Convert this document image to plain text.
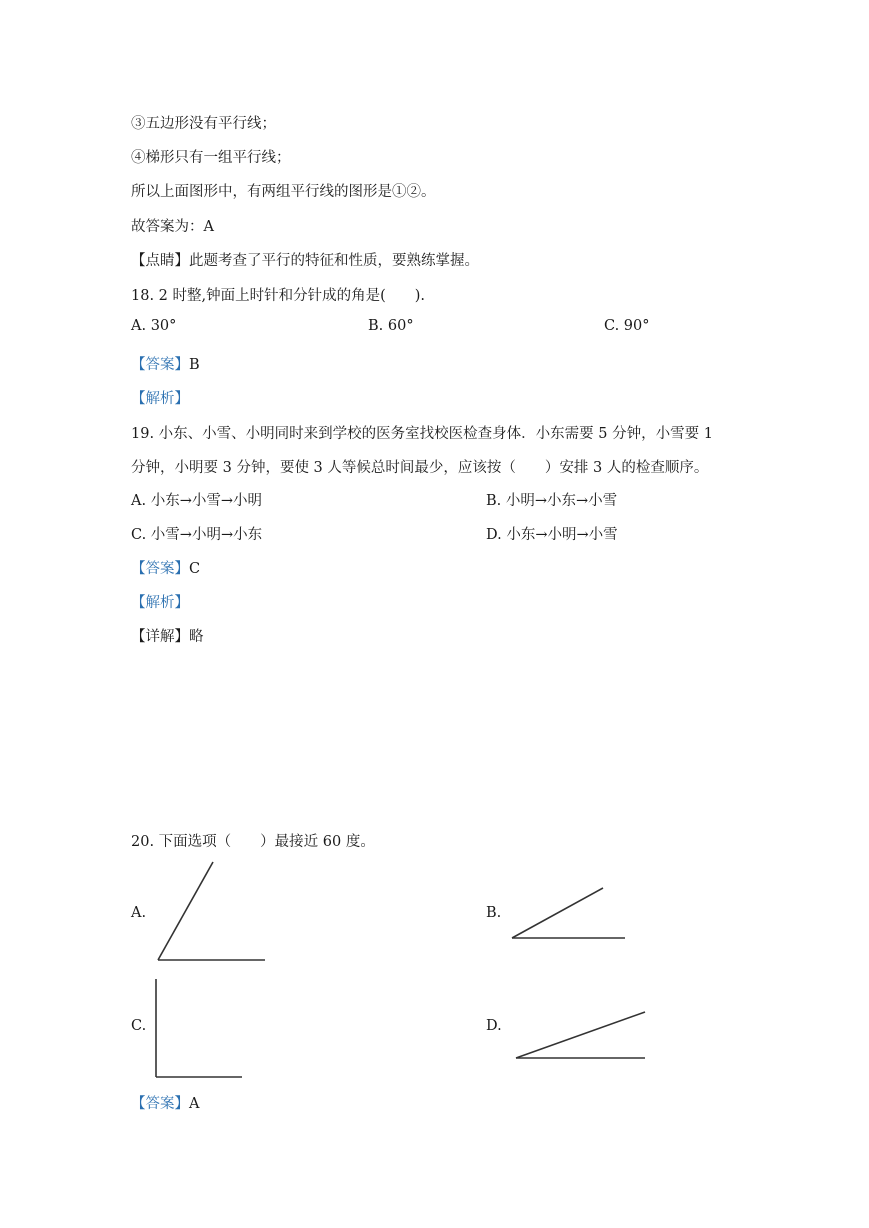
③五边形没有平行线；
④梯形只有一组平行线；
所以上面图形中，有两组平行线的图形是①②。
故答案为：A
【点睛】此题考查了平行的特征和性质，要熟练掌握。
18. 2 时整,钟面上时针和分针成的角是(　　).
A. 30°	B. 60°	C. 90°
【答案】B
【解析】
19. 小东、小雪、小明同时来到学校的医务室找校医检查身体．小东需要 5 分钟，小雪要 1
分钟，小明要 3 分钟，要使 3 人等候总时间最少，应该按（　　）安排 3 人的检查顺序。
A. 小东→小雪→小明	B. 小明→小东→小雪
C. 小雪→小明→小东	D. 小东→小明→小雪
【答案】C
【解析】
【详解】略
20. 下面选项（　　）最接近 60 度。
A.	B.
C.	D.
【答案】A
